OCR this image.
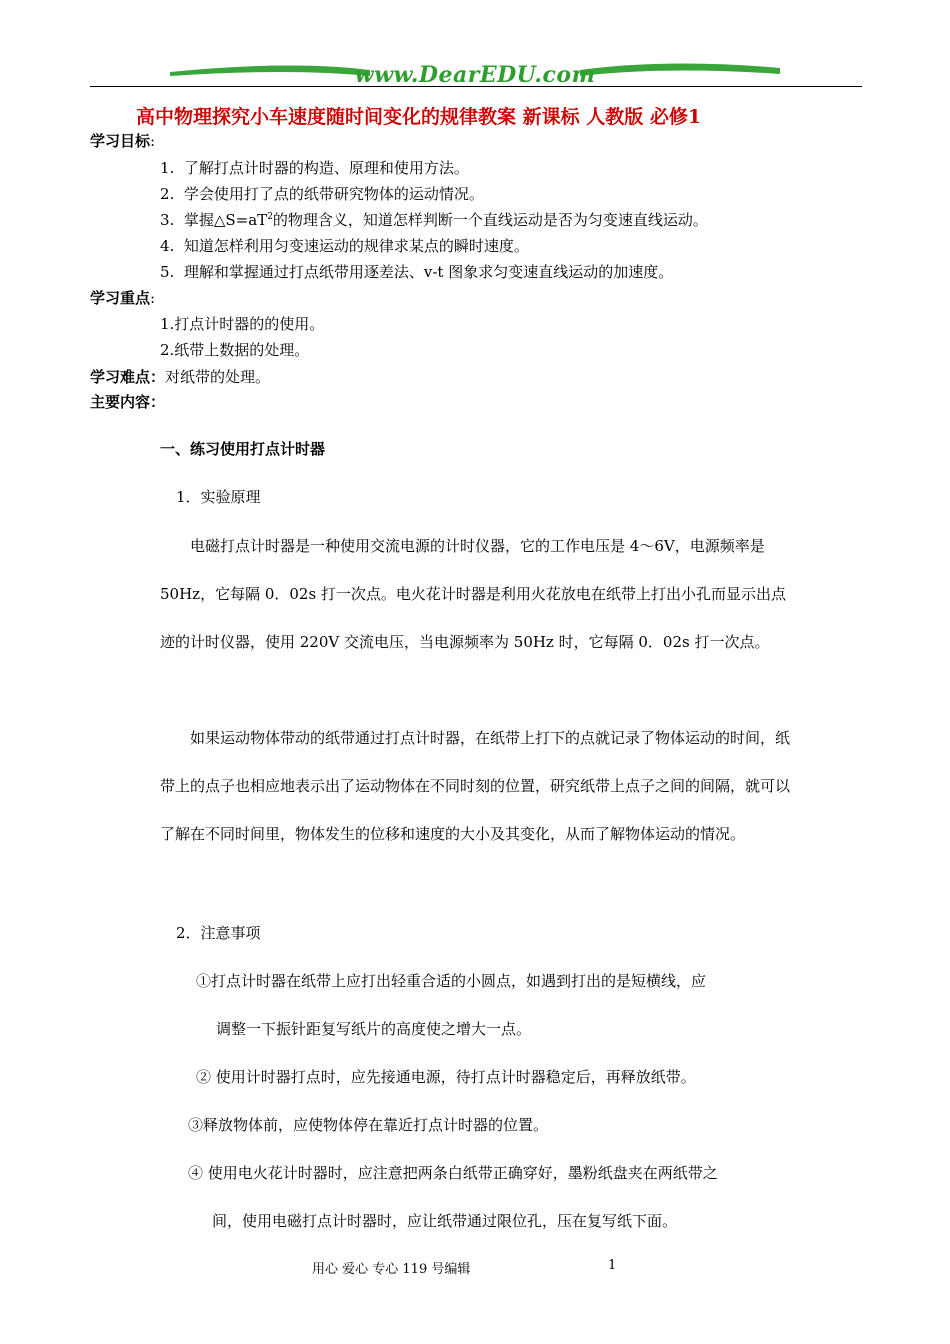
www.DearEDU.com
高中物理探究小车速度随时间变化的规律教案 新课标 人教版 必修1
学习目标:
1. 了解打点计时器的构造、原理和使用方法。
2. 学会使用打了点的纸带研究物体的运动情况。
3. 掌握$\triangle S=aT^2$的物理含义，知道怎样判断一个直线运动是否为匀变速直线运动。
4. 知道怎样利用匀变速运动的规律求某点的瞬时速度。
5. 理解和掌握通过打点纸带用逐差法、v-t 图象求匀变速直线运动的加速度。
学习重点:
1.打点计时器的的使用。
2.纸带上数据的处理。
学习难点：对纸带的处理。
主要内容：
一、练习使用打点计时器
1．实验原理
电磁打点计时器是一种使用交流电源的计时仪器，它的工作电压是 4～6V，电源频率是 50Hz，它每隔 0．02s 打一次点。电火花计时器是利用火花放电在纸带上打出小孔而显示出点迹的计时仪器，使用 220V 交流电压，当电源频率为 50Hz 时，它每隔 0．02s 打一次点。
如果运动物体带动的纸带通过打点计时器，在纸带上打下的点就记录了物体运动的时间，纸带上的点子也相应地表示出了运动物体在不同时刻的位置，研究纸带上点子之间的间隔，就可以了解在不同时间里，物体发生的位移和速度的大小及其变化，从而了解物体运动的情况。
2．注意事项
①打点计时器在纸带上应打出轻重合适的小圆点，如遇到打出的是短横线，应
调整一下振针距复写纸片的高度使之增大一点。
② 使用计时器打点时，应先接通电源，待打点计时器稳定后，再释放纸带。
③释放物体前，应使物体停在靠近打点计时器的位置。
④ 使用电火花计时器时，应注意把两条白纸带正确穿好，墨粉纸盘夹在两纸带之
间，使用电磁打点计时器时，应让纸带通过限位孔，压在复写纸下面。
用心 爱心 专心 119 号编辑	1
